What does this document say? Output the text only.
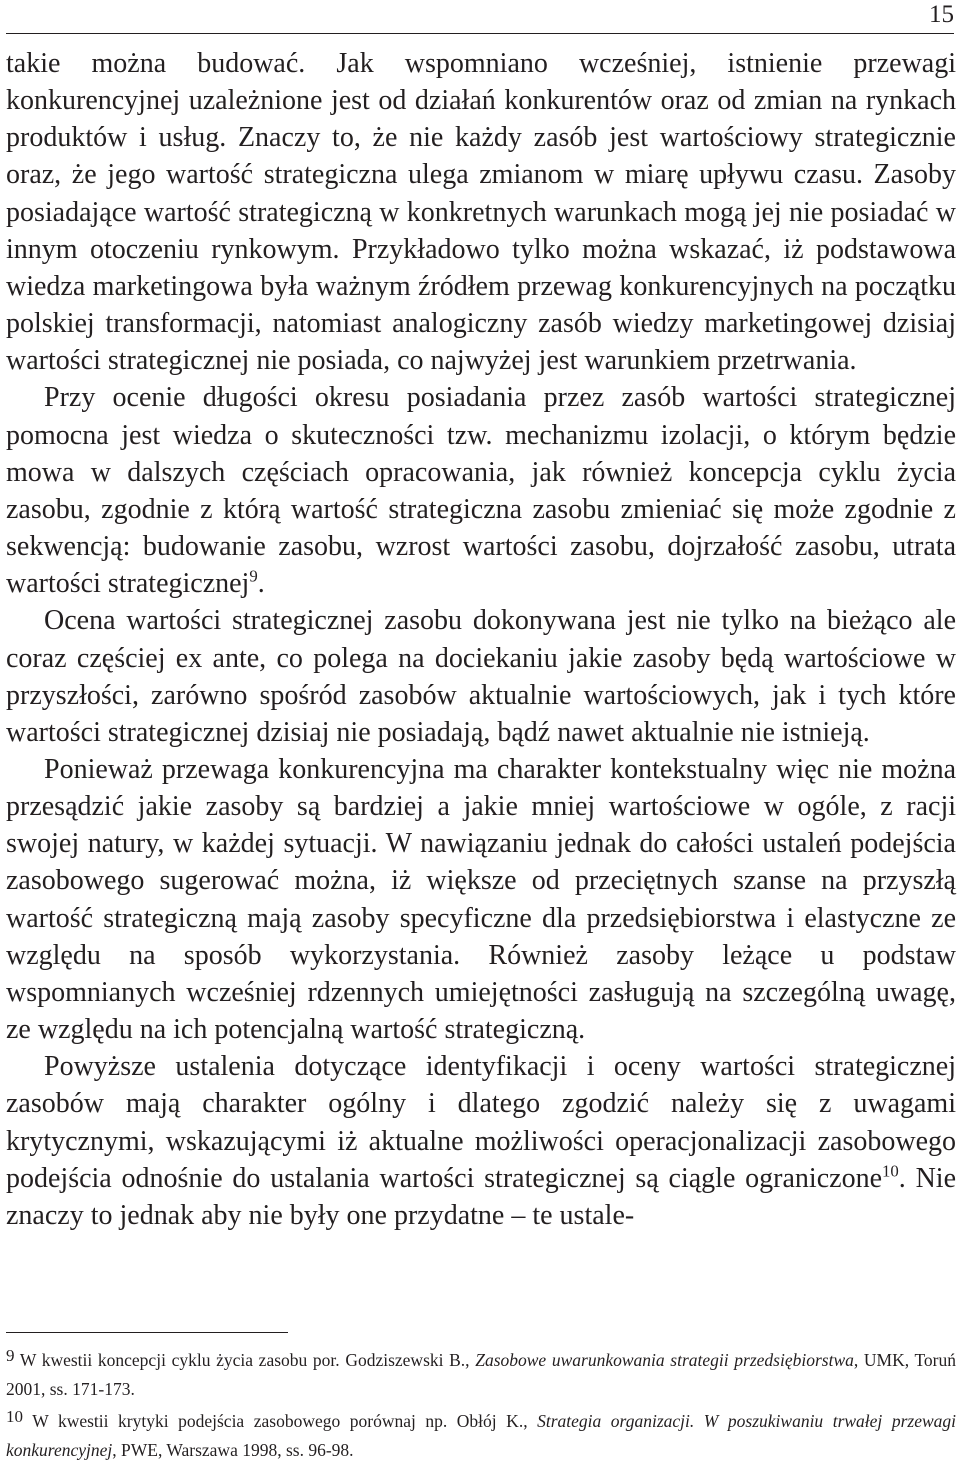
15

takie można budować. Jak wspomniano wcześniej, istnienie przewagi konkurencyjnej uzależnione jest od działań konkurentów oraz od zmian na rynkach produktów i usług. Znaczy to, że nie każdy zasób jest wartościowy strategicznie oraz, że jego wartość strategiczna ulega zmianom w miarę upływu czasu. Zasoby posiadające wartość strategiczną w konkretnych warunkach mogą jej nie posiadać w innym otoczeniu rynkowym. Przykładowo tylko można wskazać, iż podstawowa wiedza marketingowa była ważnym źródłem przewag konkurencyjnych na początku polskiej transformacji, natomiast analogiczny zasób wiedzy marketingowej dzisiaj wartości strategicznej nie posiada, co najwyżej jest warunkiem przetrwania.

Przy ocenie długości okresu posiadania przez zasób wartości strategicznej pomocna jest wiedza o skuteczności tzw. mechanizmu izolacji, o którym będzie mowa w dalszych częściach opracowania, jak również koncepcja cyklu życia zasobu, zgodnie z którą wartość strategiczna zasobu zmieniać się może zgodnie z sekwencją: budowanie zasobu, wzrost wartości zasobu, dojrzałość zasobu, utrata wartości strategicznej$^9$.

Ocena wartości strategicznej zasobu dokonywana jest nie tylko na bieżąco ale coraz częściej ex ante, co polega na dociekaniu jakie zasoby będą wartościowe w przyszłości, zarówno spośród zasobów aktualnie wartościowych, jak i tych które wartości strategicznej dzisiaj nie posiadają, bądź nawet aktualnie nie istnieją.

Ponieważ przewaga konkurencyjna ma charakter kontekstualny więc nie można przesądzić jakie zasoby są bardziej a jakie mniej wartościowe w ogóle, z racji swojej natury, w każdej sytuacji. W nawiązaniu jednak do całości ustaleń podejścia zasobowego sugerować można, iż większe od przeciętnych szanse na przyszłą wartość strategiczną mają zasoby specyficzne dla przedsiębiorstwa i elastyczne ze względu na sposób wykorzystania. Również zasoby leżące u podstaw wspomnianych wcześniej rdzennych umiejętności zasługują na szczególną uwagę, ze względu na ich potencjalną wartość strategiczną.

Powyższe ustalenia dotyczące identyfikacji i oceny wartości strategicznej zasobów mają charakter ogólny i dlatego zgodzić należy się z uwagami krytycznymi, wskazującymi iż aktualne możliwości operacjonalizacji zasobowego podejścia odnośnie do ustalania wartości strategicznej są ciągle ograniczone$^{10}$. Nie znaczy to jednak aby nie były one przydatne – te ustale-

9 W kwestii koncepcji cyklu życia zasobu por. Godziszewski B., Zasobowe uwarunkowania strategii przedsiębiorstwa, UMK, Toruń 2001, ss. 171-173.

10 W kwestii krytyki podejścia zasobowego porównaj np. Obłój K., Strategia organizacji. W poszukiwaniu trwałej przewagi konkurencyjnej, PWE, Warszawa 1998, ss. 96-98.
